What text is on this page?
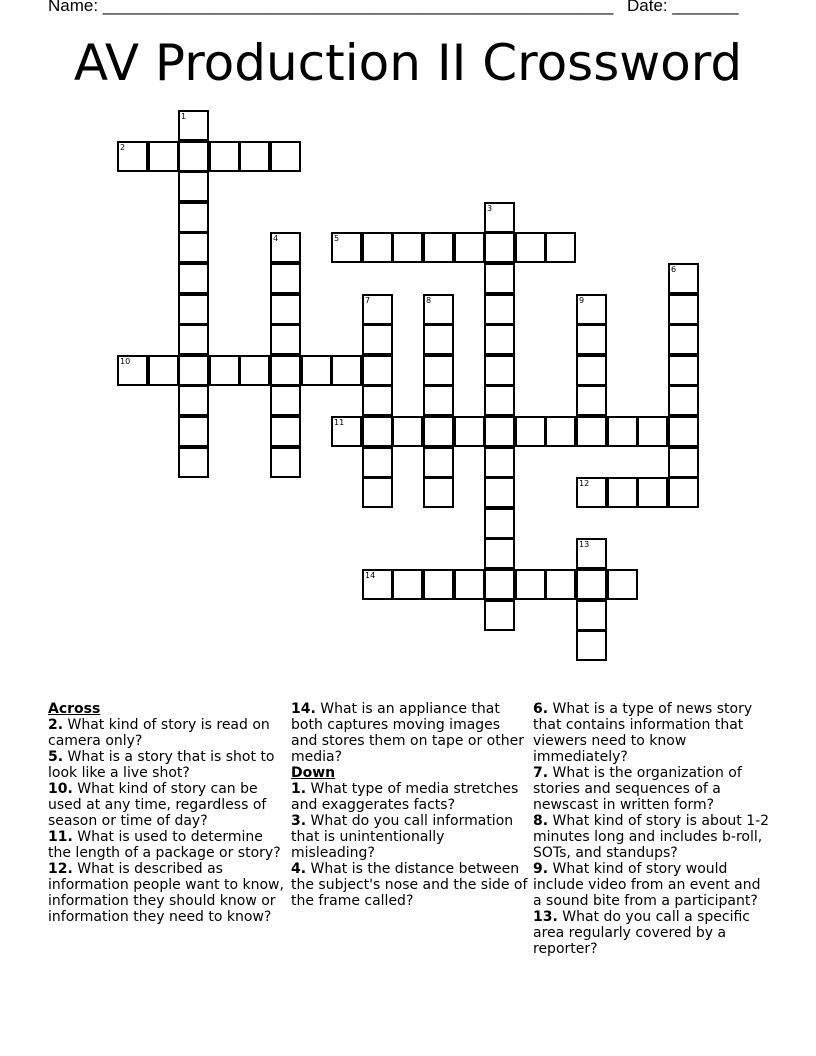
Name: ______________________________________________________ Date: _______
AV Production II Crossword
1
2
3
4	5
6
7	8	9
10
11
12
13
14
Across
2. What kind of story is read on camera only?
5. What is a story that is shot to look like a live shot?
10. What kind of story can be used at any time, regardless of season or time of day?
11. What is used to determine the length of a package or story?
12. What is described as information people want to know, information they should know or information they need to know?
14. What is an appliance that both captures moving images and stores them on tape or other media?
Down
1. What type of media stretches and exaggerates facts?
3. What do you call information that is unintentionally misleading?
4. What is the distance between the subject's nose and the side of the frame called?
6. What is a type of news story that contains information that viewers need to know immediately?
7. What is the organization of stories and sequences of a newscast in written form?
8. What kind of story is about 1-2 minutes long and includes b-roll, SOTs, and standups?
9. What kind of story would include video from an event and a sound bite from a participant?
13. What do you call a specific area regularly covered by a reporter?
